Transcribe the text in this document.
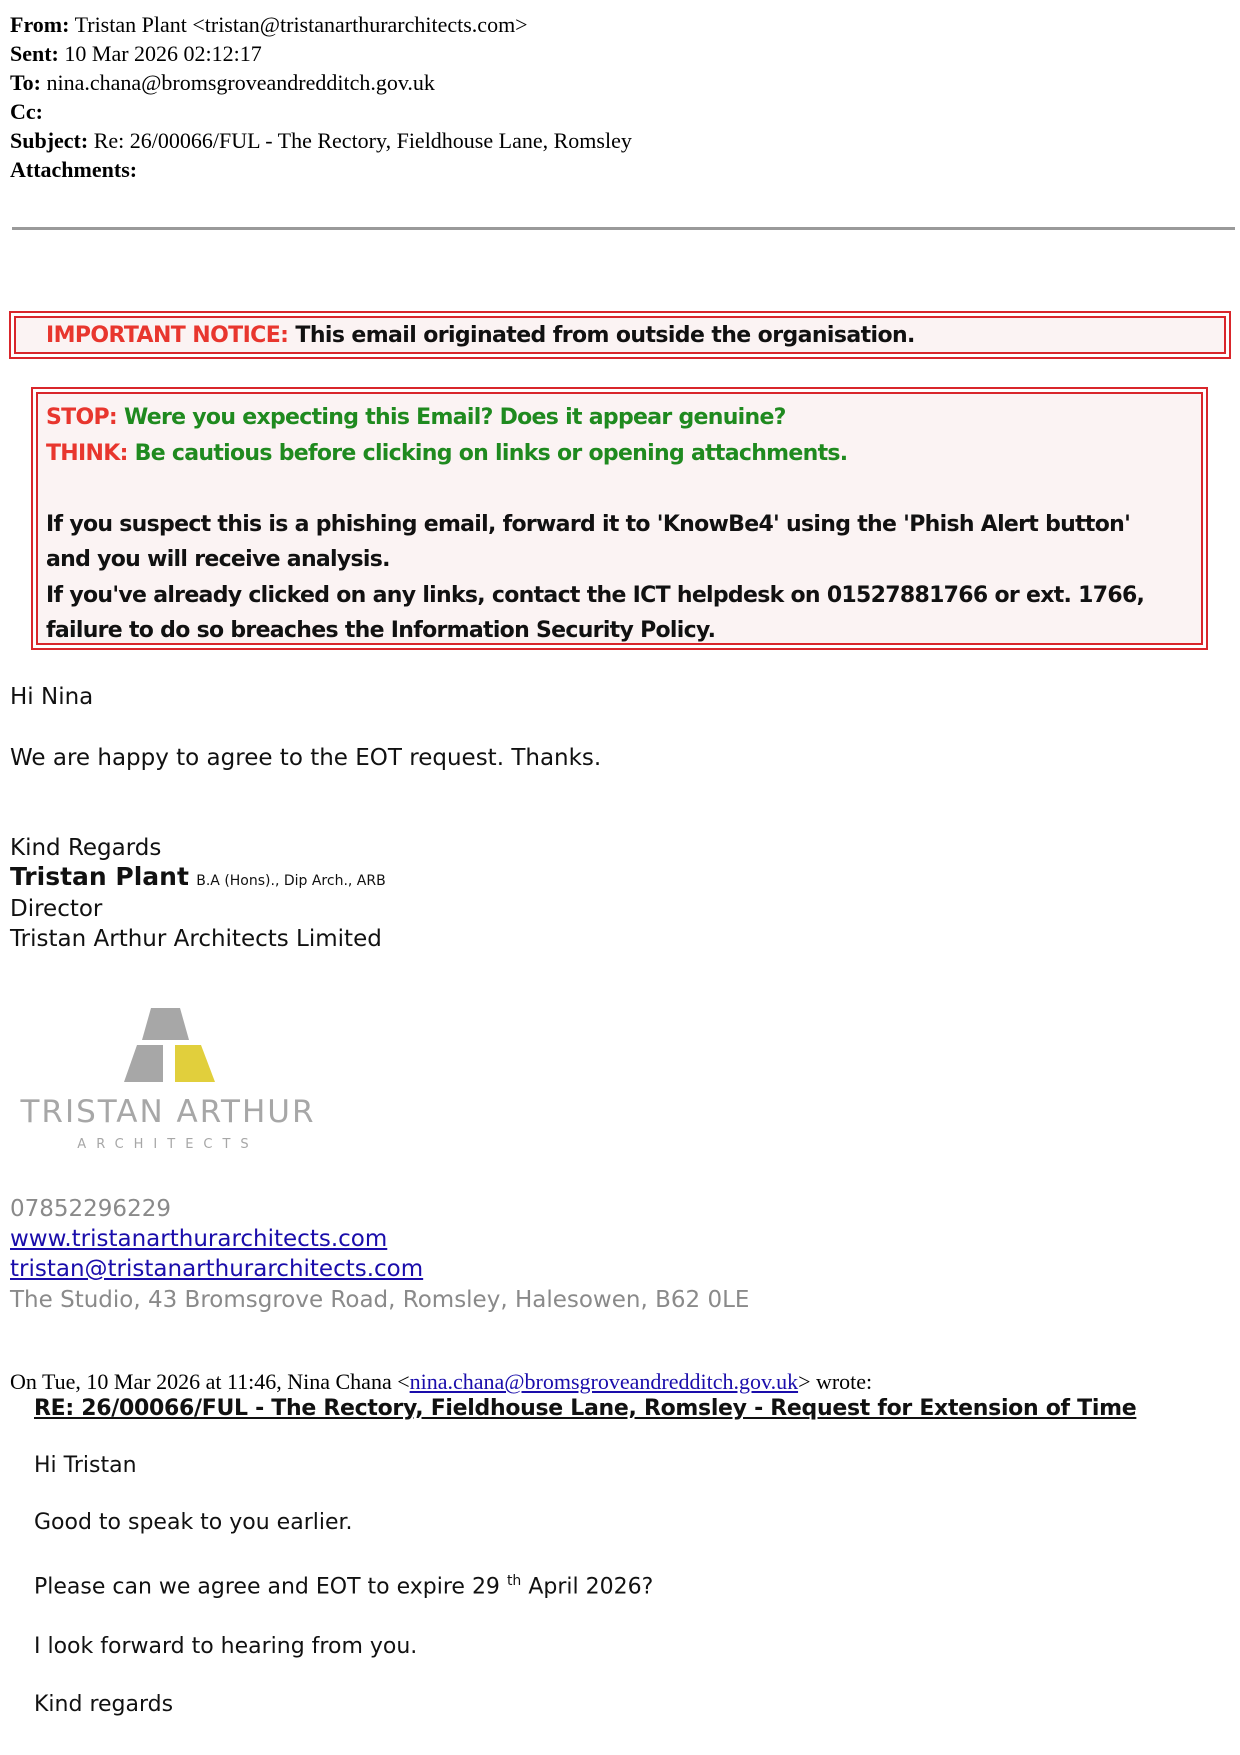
From: Tristan Plant <tristan@tristanarthurarchitects.com>
Sent: 10 Mar 2026 02:12:17
To: nina.chana@bromsgroveandredditch.gov.uk
Cc:
Subject: Re: 26/00066/FUL - The Rectory, Fieldhouse Lane, Romsley
Attachments:
IMPORTANT NOTICE: This email originated from outside the organisation.
STOP: Were you expecting this Email? Does it appear genuine?
THINK: Be cautious before clicking on links or opening attachments.

If you suspect this is a phishing email, forward it to 'KnowBe4' using the 'Phish Alert button'
and you will receive analysis.
If you've already clicked on any links, contact the ICT helpdesk on 01527881766 or ext. 1766,
failure to do so breaches the Information Security Policy.
Hi Nina
We are happy to agree to the EOT request. Thanks.
Kind Regards
Tristan Plant B.A (Hons)., Dip Arch., ARB
Director
Tristan Arthur Architects Limited
TRISTAN ARTHUR
ARCHITECTS
07852296229
www.tristanarthurarchitects.com
tristan@tristanarthurarchitects.com
The Studio, 43 Bromsgrove Road, Romsley, Halesowen, B62 0LE
On Tue, 10 Mar 2026 at 11:46, Nina Chana <nina.chana@bromsgroveandredditch.gov.uk> wrote:
RE: 26/00066/FUL - The Rectory, Fieldhouse Lane, Romsley - Request for Extension of Time
Hi Tristan
Good to speak to you earlier.
Please can we agree and EOT to expire 29 $^{th}$ April 2026?
I look forward to hearing from you.
Kind regards
